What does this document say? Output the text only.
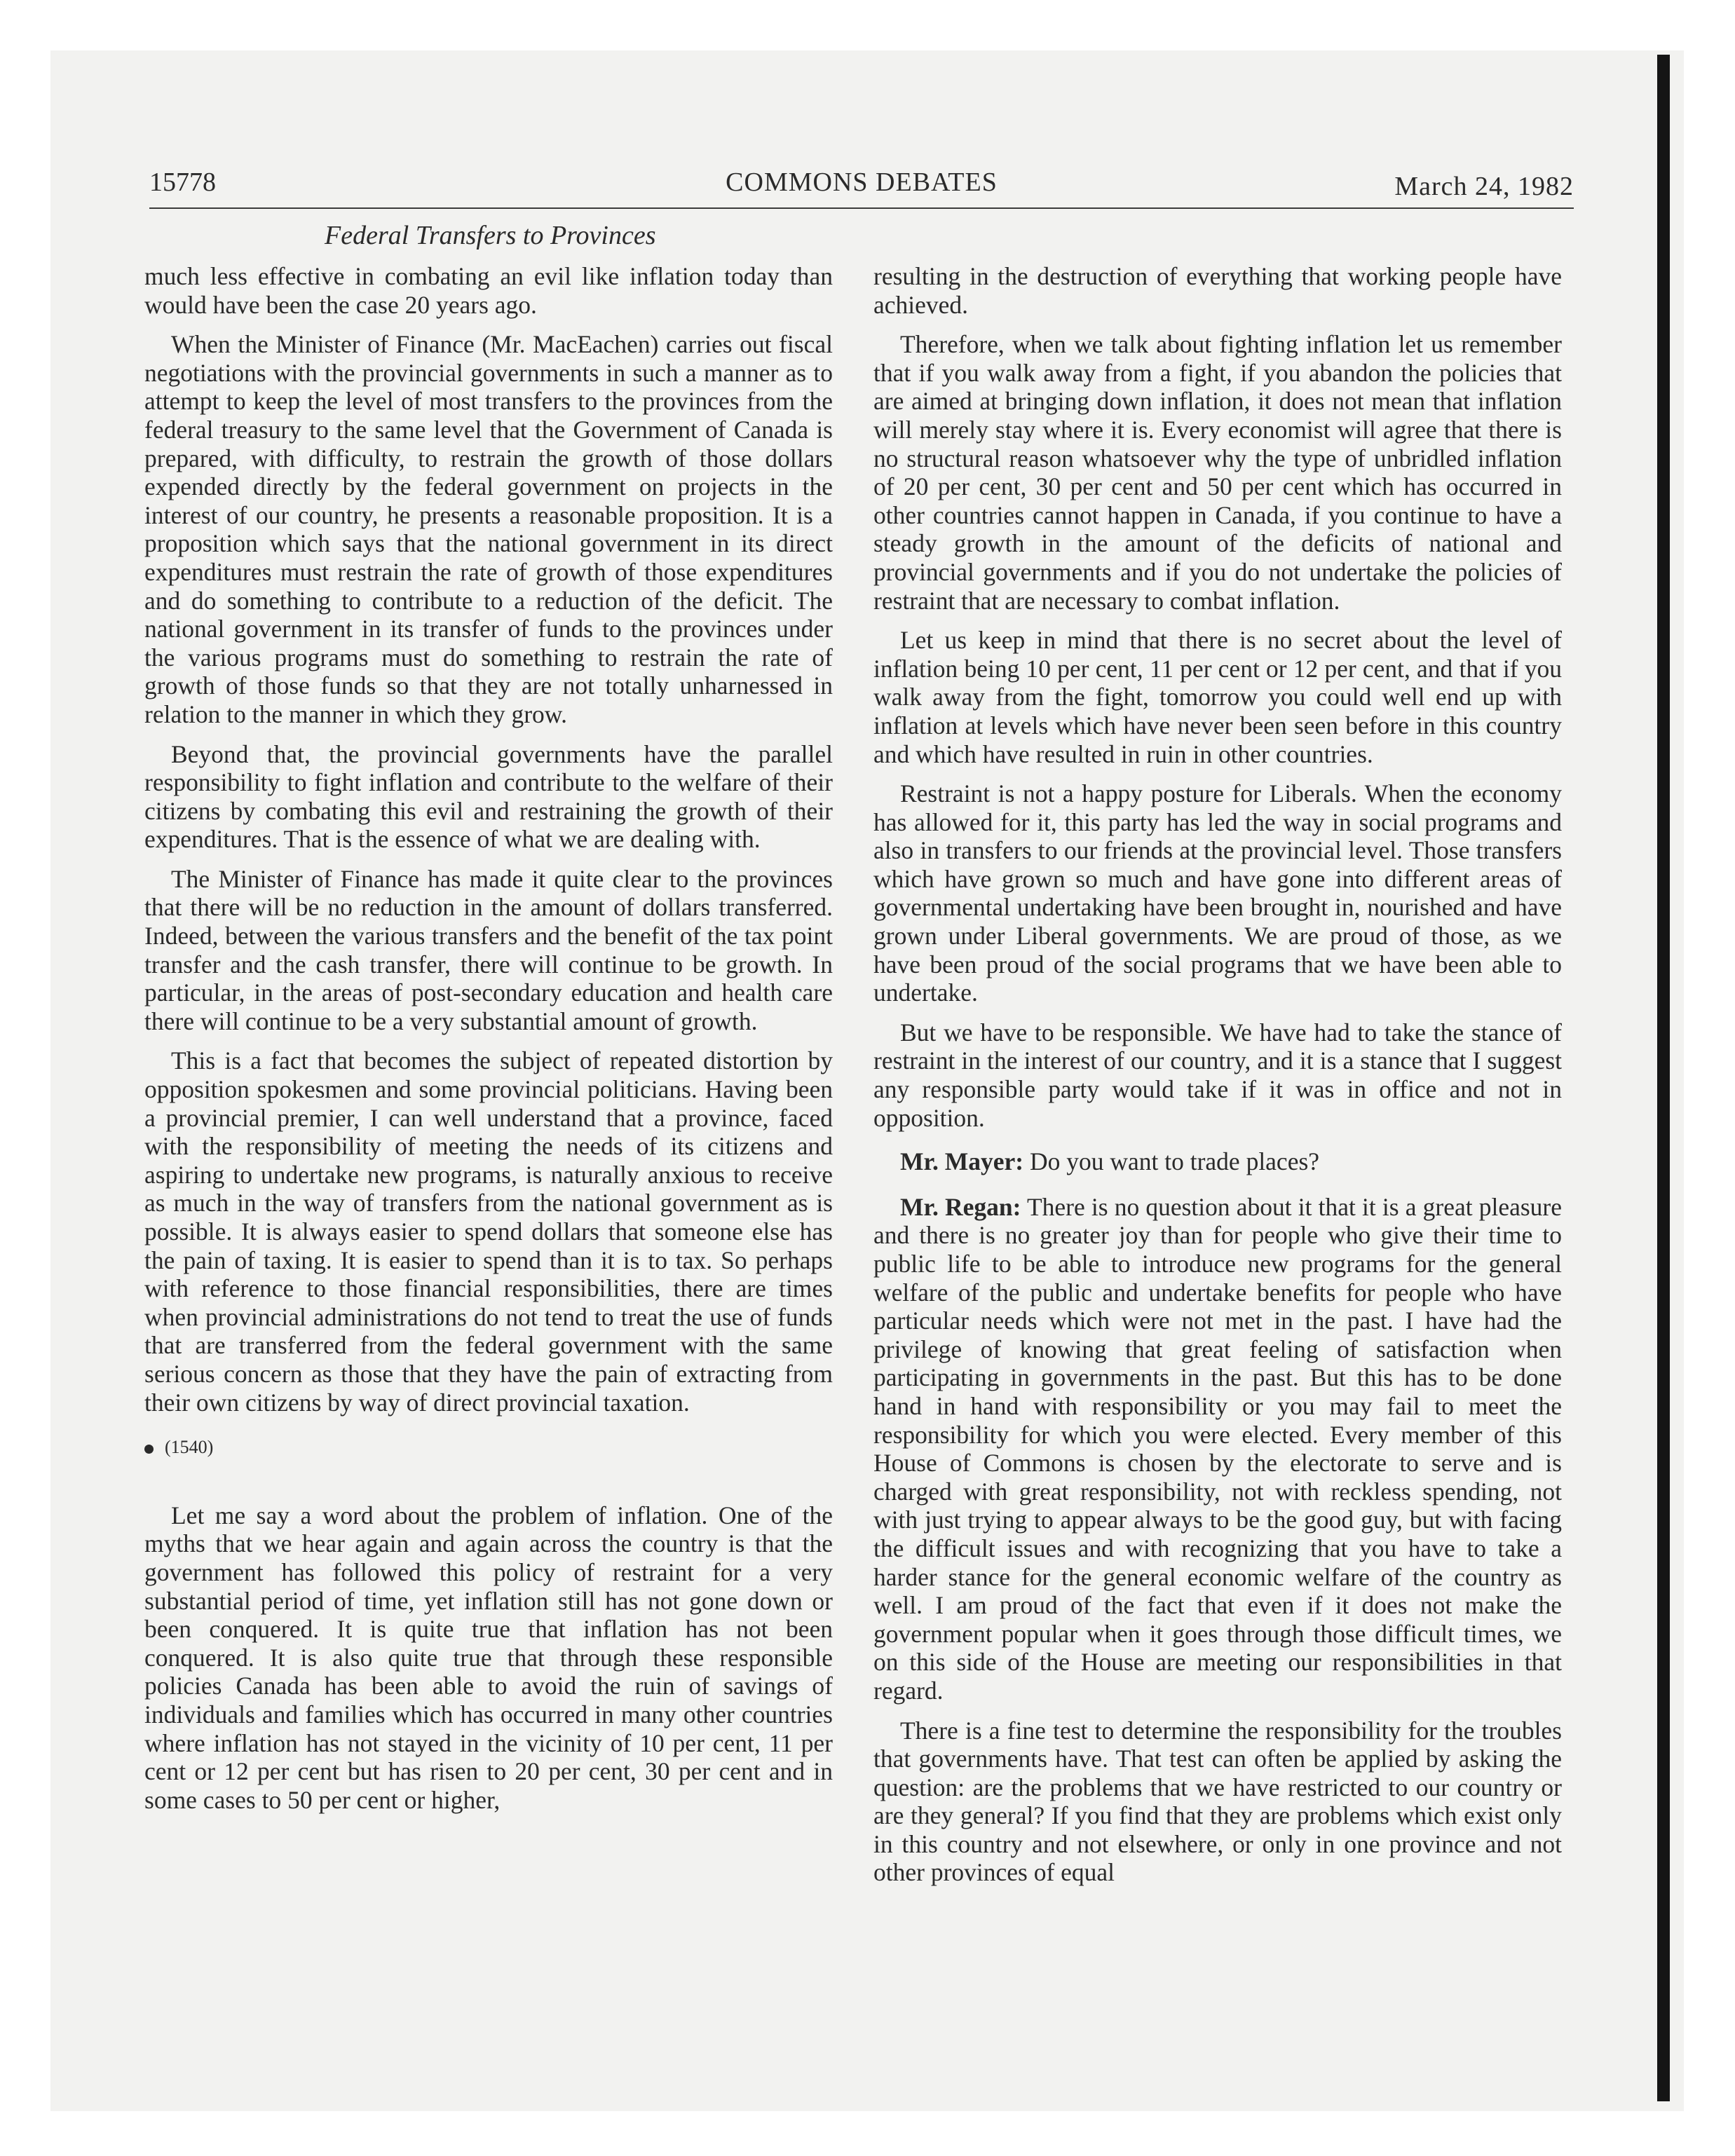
15778	COMMONS DEBATES	March 24, 1982
Federal Transfers to Provinces

much less effective in combating an evil like inflation today than would have been the case 20 years ago.

When the Minister of Finance (Mr. MacEachen) carries out fiscal negotiations with the provincial governments in such a manner as to attempt to keep the level of most transfers to the provinces from the federal treasury to the same level that the Government of Canada is prepared, with difficulty, to restrain the growth of those dollars expended directly by the federal government on projects in the interest of our country, he presents a reasonable proposition. It is a proposition which says that the national government in its direct expenditures must restrain the rate of growth of those expenditures and do something to contribute to a reduction of the deficit. The national government in its transfer of funds to the provinces under the various programs must do something to restrain the rate of growth of those funds so that they are not totally unharnessed in relation to the manner in which they grow.

Beyond that, the provincial governments have the parallel responsibility to fight inflation and contribute to the welfare of their citizens by combating this evil and restraining the growth of their expenditures. That is the essence of what we are dealing with.

The Minister of Finance has made it quite clear to the provinces that there will be no reduction in the amount of dollars transferred. Indeed, between the various transfers and the benefit of the tax point transfer and the cash transfer, there will continue to be growth. In particular, in the areas of post-secondary education and health care there will continue to be a very substantial amount of growth.

This is a fact that becomes the subject of repeated distortion by opposition spokesmen and some provincial politicians. Having been a provincial premier, I can well understand that a province, faced with the responsibility of meeting the needs of its citizens and aspiring to undertake new programs, is naturally anxious to receive as much in the way of transfers from the national government as is possible. It is always easier to spend dollars that someone else has the pain of taxing. It is easier to spend than it is to tax. So perhaps with reference to those financial responsibilities, there are times when provincial administrations do not tend to treat the use of funds that are transferred from the federal government with the same serious concern as those that they have the pain of extracting from their own citizens by way of direct provincial taxation.

(1540)

Let me say a word about the problem of inflation. One of the myths that we hear again and again across the country is that the government has followed this policy of restraint for a very substantial period of time, yet inflation still has not gone down or been conquered. It is quite true that inflation has not been conquered. It is also quite true that through these responsible policies Canada has been able to avoid the ruin of savings of individuals and families which has occurred in many other countries where inflation has not stayed in the vicinity of 10 per cent, 11 per cent or 12 per cent but has risen to 20 per cent, 30 per cent and in some cases to 50 per cent or higher,

resulting in the destruction of everything that working people have achieved.

Therefore, when we talk about fighting inflation let us remember that if you walk away from a fight, if you abandon the policies that are aimed at bringing down inflation, it does not mean that inflation will merely stay where it is. Every economist will agree that there is no structural reason whatsoever why the type of unbridled inflation of 20 per cent, 30 per cent and 50 per cent which has occurred in other countries cannot happen in Canada, if you continue to have a steady growth in the amount of the deficits of national and provincial governments and if you do not undertake the policies of restraint that are necessary to combat inflation.

Let us keep in mind that there is no secret about the level of inflation being 10 per cent, 11 per cent or 12 per cent, and that if you walk away from the fight, tomorrow you could well end up with inflation at levels which have never been seen before in this country and which have resulted in ruin in other countries.

Restraint is not a happy posture for Liberals. When the economy has allowed for it, this party has led the way in social programs and also in transfers to our friends at the provincial level. Those transfers which have grown so much and have gone into different areas of governmental undertaking have been brought in, nourished and have grown under Liberal governments. We are proud of those, as we have been proud of the social programs that we have been able to undertake.

But we have to be responsible. We have had to take the stance of restraint in the interest of our country, and it is a stance that I suggest any responsible party would take if it was in office and not in opposition.

Mr. Mayer: Do you want to trade places?

Mr. Regan: There is no question about it that it is a great pleasure and there is no greater joy than for people who give their time to public life to be able to introduce new programs for the general welfare of the public and undertake benefits for people who have particular needs which were not met in the past. I have had the privilege of knowing that great feeling of satisfaction when participating in governments in the past. But this has to be done hand in hand with responsibility or you may fail to meet the responsibility for which you were elected. Every member of this House of Commons is chosen by the electorate to serve and is charged with great responsibility, not with reckless spending, not with just trying to appear always to be the good guy, but with facing the difficult issues and with recognizing that you have to take a harder stance for the general economic welfare of the country as well. I am proud of the fact that even if it does not make the government popular when it goes through those difficult times, we on this side of the House are meeting our responsibilities in that regard.

There is a fine test to determine the responsibility for the troubles that governments have. That test can often be applied by asking the question: are the problems that we have restricted to our country or are they general? If you find that they are problems which exist only in this country and not elsewhere, or only in one province and not other provinces of equal
